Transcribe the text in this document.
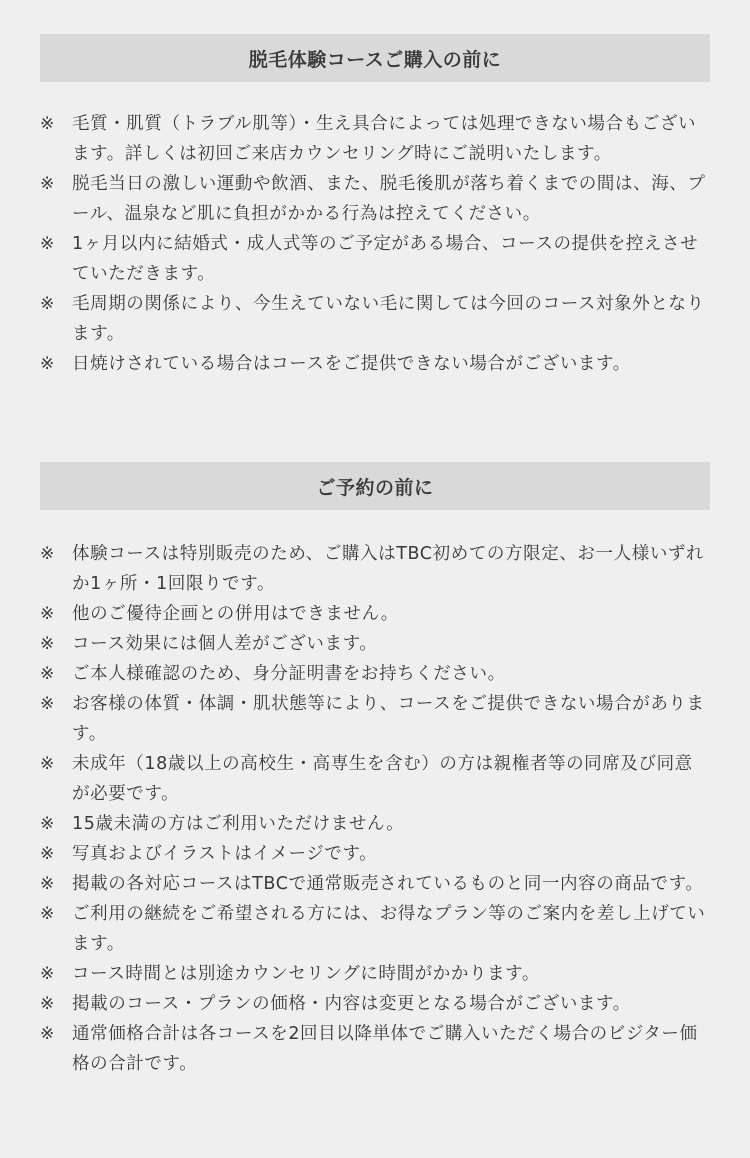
脱毛体験コースご購入の前に
※ 毛質・肌質（トラブル肌等）・生え具合によっては処理できない場合もございます。詳しくは初回ご来店カウンセリング時にご説明いたします。
※ 脱毛当日の激しい運動や飲酒、また、脱毛後肌が落ち着くまでの間は、海、プール、温泉など肌に負担がかかる行為は控えてください。
※ 1ヶ月以内に結婚式・成人式等のご予定がある場合、コースの提供を控えさせていただきます。
※ 毛周期の関係により、今生えていない毛に関しては今回のコース対象外となります。
※ 日焼けされている場合はコースをご提供できない場合がございます。
ご予約の前に
※ 体験コースは特別販売のため、ご購入はTBC初めての方限定、お一人様いずれか1ヶ所・1回限りです。
※ 他のご優待企画との併用はできません。
※ コース効果には個人差がございます。
※ ご本人様確認のため、身分証明書をお持ちください。
※ お客様の体質・体調・肌状態等により、コースをご提供できない場合があります。
※ 未成年（18歳以上の高校生・高専生を含む）の方は親権者等の同席及び同意が必要です。
※ 15歳未満の方はご利用いただけません。
※ 写真およびイラストはイメージです。
※ 掲載の各対応コースはTBCで通常販売されているものと同一内容の商品です。
※ ご利用の継続をご希望される方には、お得なプラン等のご案内を差し上げています。
※ コース時間とは別途カウンセリングに時間がかかります。
※ 掲載のコース・プランの価格・内容は変更となる場合がございます。
※ 通常価格合計は各コースを2回目以降単体でご購入いただく場合のビジター価格の合計です。
